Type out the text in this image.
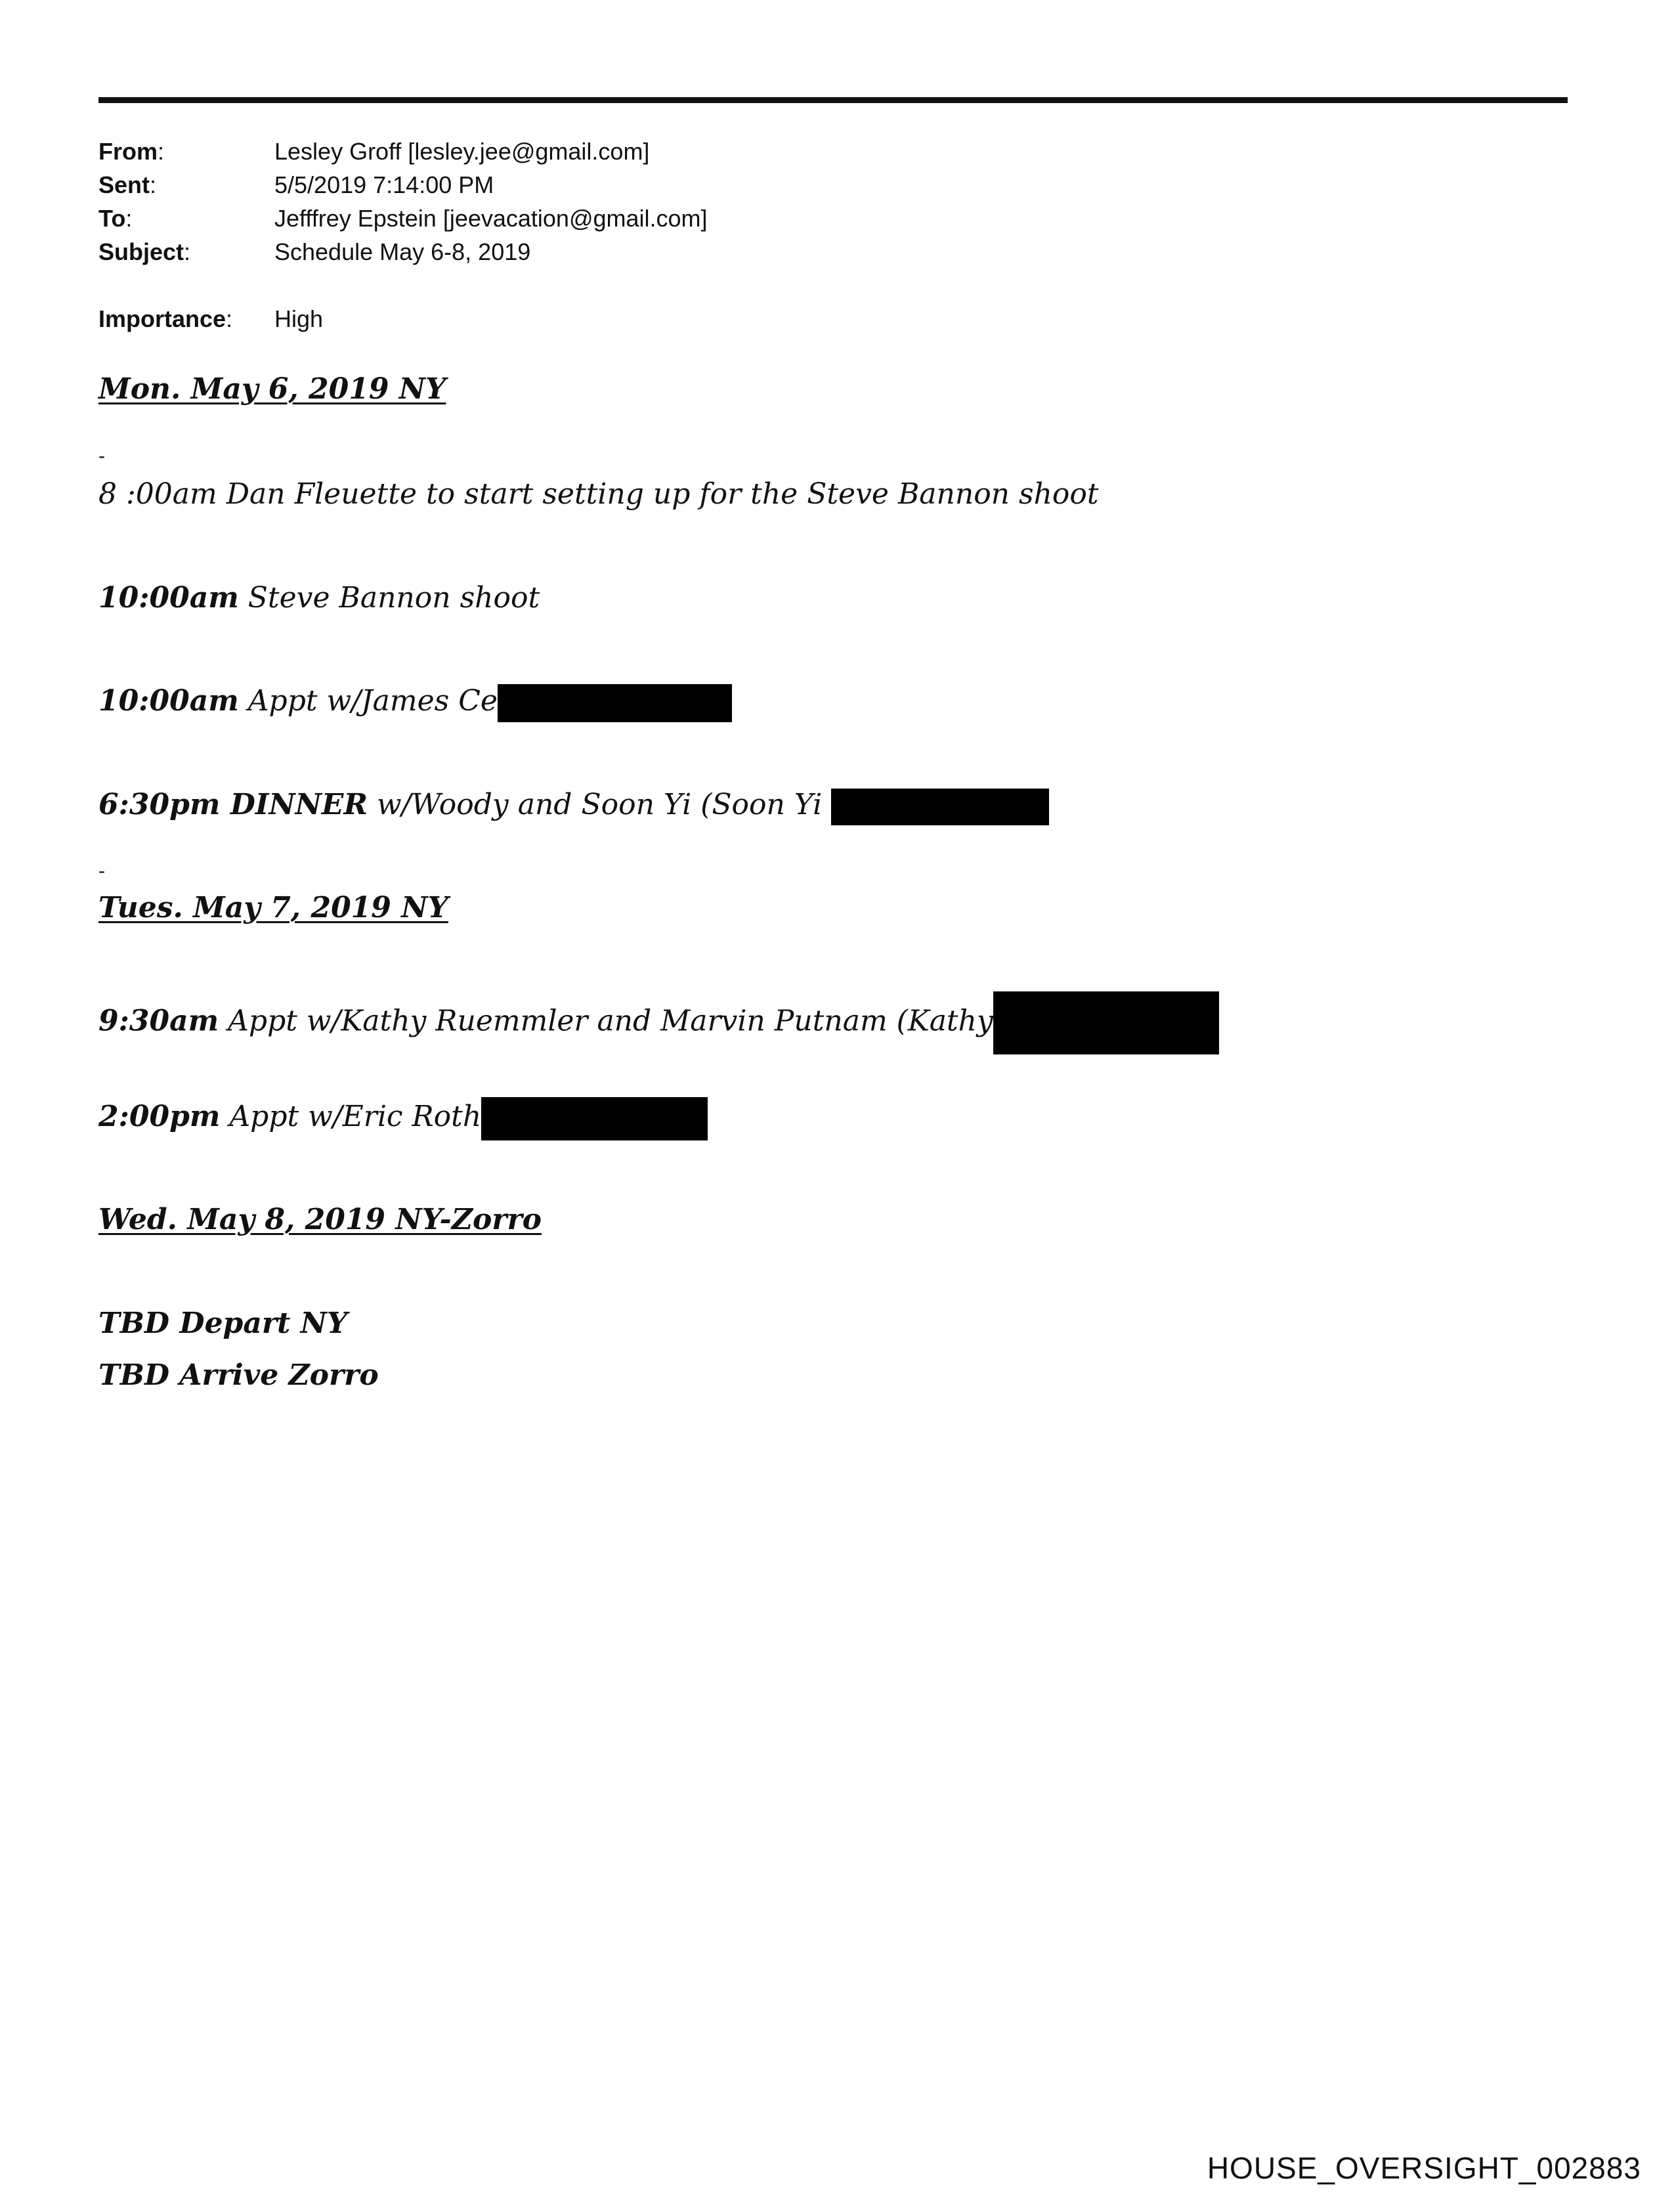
From:	Lesley Groff [lesley.jee@gmail.com]
Sent:	5/5/2019 7:14:00 PM
To:	Jefffrey Epstein [jeevacation@gmail.com]
Subject:	Schedule May 6-8, 2019
Importance:	High
Mon. May 6, 2019 NY
-
8 :00am Dan Fleuette to start setting up for the Steve Bannon shoot
10:00am Steve Bannon shoot
10:00am Appt w/James Ce
6:30pm DINNER w/Woody and Soon Yi (Soon Yi
-
Tues. May 7, 2019 NY
9:30am Appt w/Kathy Ruemmler and Marvin Putnam (Kathy
2:00pm Appt w/Eric Roth
Wed. May 8, 2019 NY-Zorro
TBD Depart NY
TBD Arrive Zorro
HOUSE_OVERSIGHT_002883
